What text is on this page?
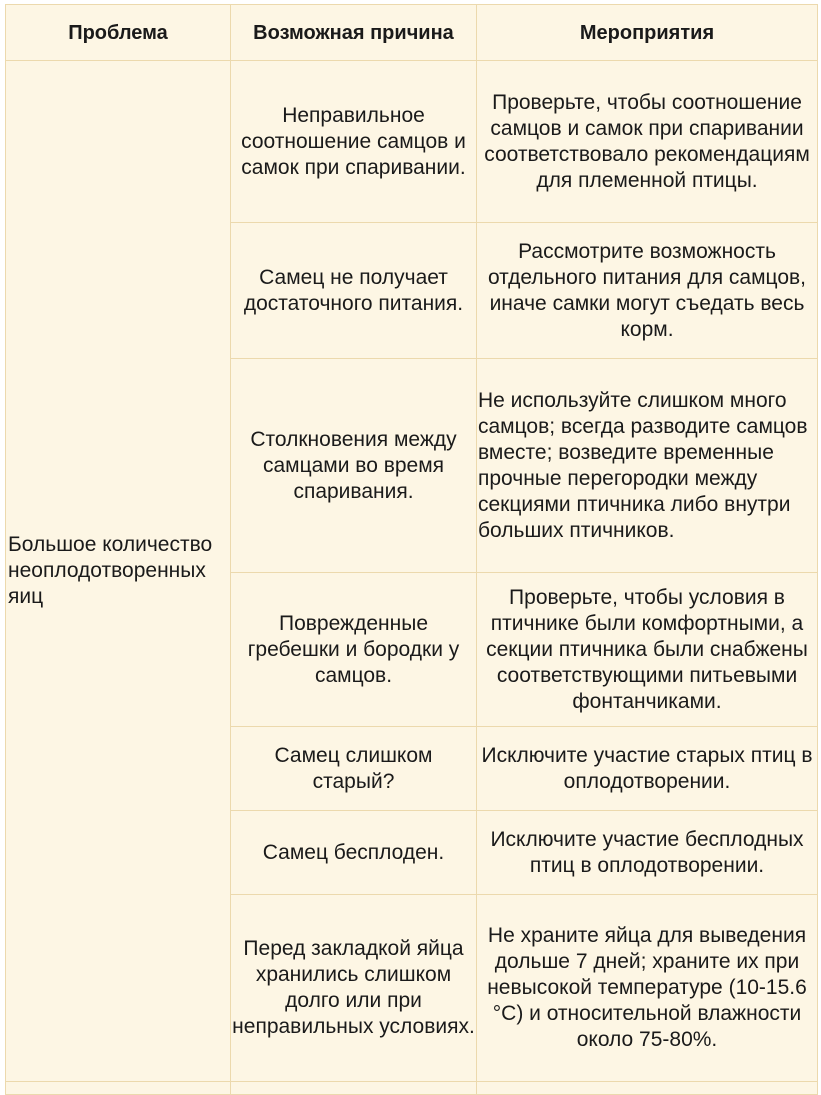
Проблема	Возможная причина	Мероприятия
Большое количество неоплодотворенных яиц	Неправильное соотношение самцов и самок при спаривании.	Проверьте, чтобы соотношение самцов и самок при спаривании соответствовало рекомендациям для племенной птицы.
	Самец не получает достаточного питания.	Рассмотрите возможность отдельного питания для самцов, иначе самки могут съедать весь корм.
	Столкновения между самцами во время спаривания.	Не используйте слишком много самцов; всегда разводите самцов вместе; возведите временные прочные перегородки между секциями птичника либо внутри больших птичников.
	Поврежденные гребешки и бородки у самцов.	Проверьте, чтобы условия в птичнике были комфортными, а секции птичника были снабжены соответствующими питьевыми фонтанчиками.
	Самец слишком старый?	Исключите участие старых птиц в оплодотворении.
	Самец бесплоден.	Исключите участие бесплодных птиц в оплодотворении.
	Перед закладкой яйца хранились слишком долго или при неправильных условиях.	Не храните яйца для выведения дольше 7 дней; храните их при невысокой температуре (10-15.6 °C) и относительной влажности около 75-80%.
